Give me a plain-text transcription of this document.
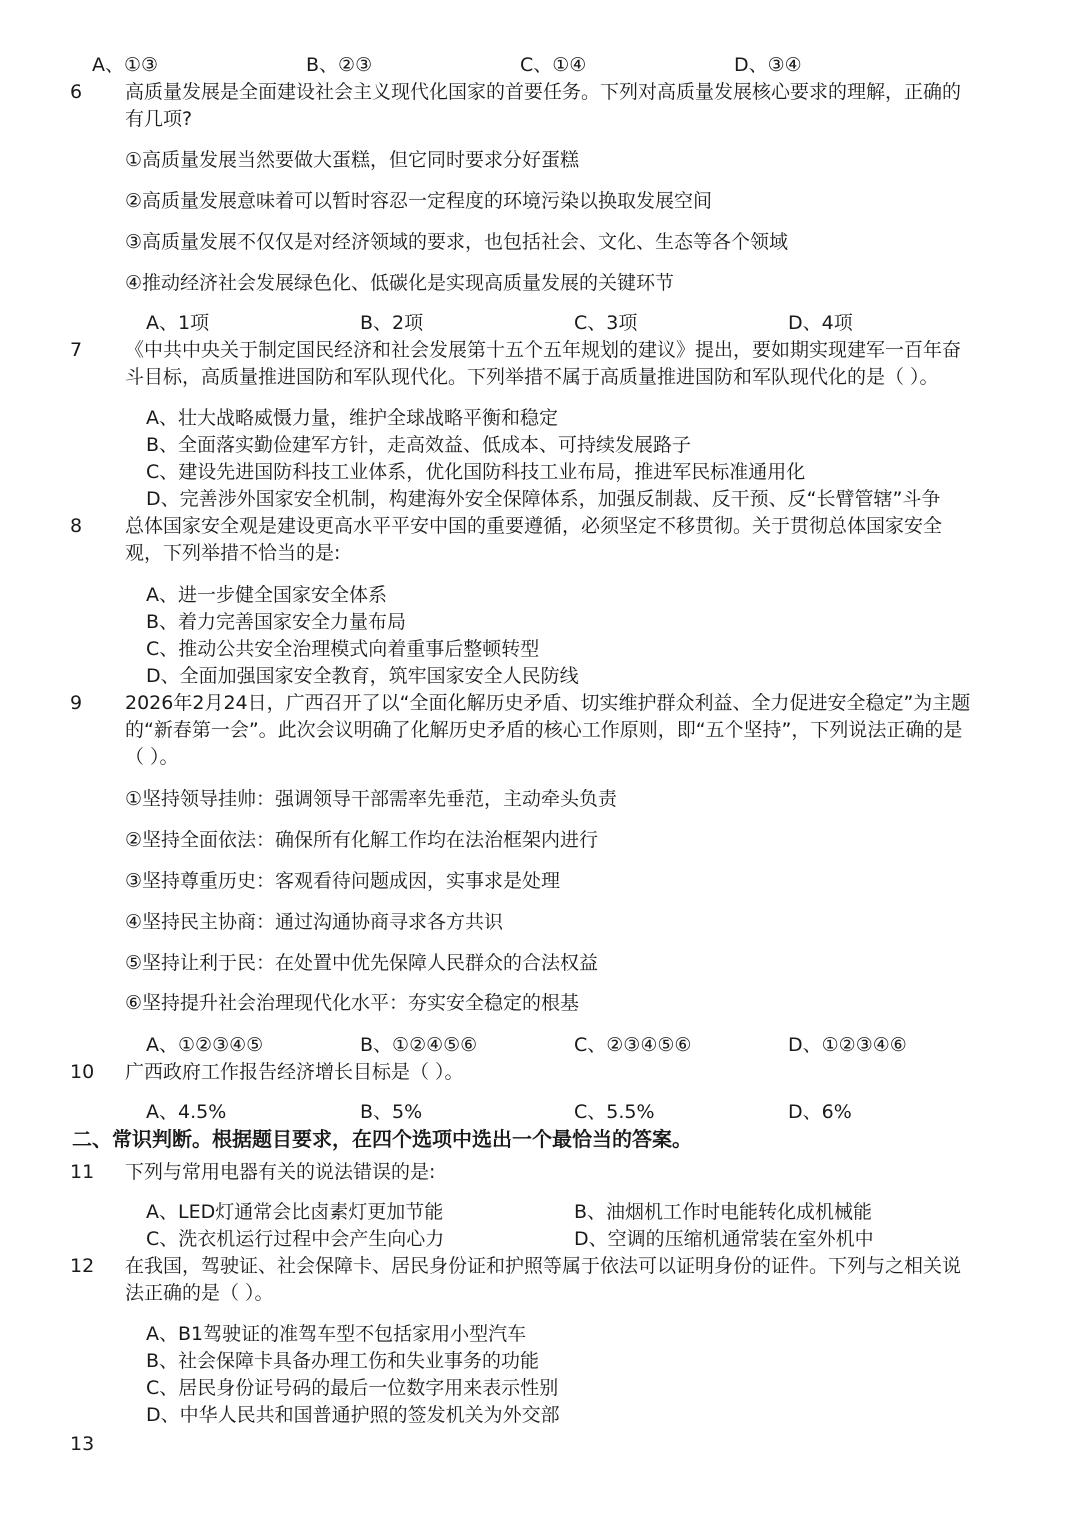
A、①③	B、②③	C、①④	D、③④
6 高质量发展是全面建设社会主义现代化国家的首要任务。下列对高质量发展核心要求的理解，正确的有几项?
①高质量发展当然要做大蛋糕，但它同时要求分好蛋糕
②高质量发展意味着可以暂时容忍一定程度的环境污染以换取发展空间
③高质量发展不仅仅是对经济领域的要求，也包括社会、文化、生态等各个领域
④推动经济社会发展绿色化、低碳化是实现高质量发展的关键环节
A、1项	B、2项	C、3项	D、4项
7 《中共中央关于制定国民经济和社会发展第十五个五年规划的建议》提出，要如期实现建军一百年奋斗目标，高质量推进国防和军队现代化。下列举措不属于高质量推进国防和军队现代化的是（ ）。
A、壮大战略威慑力量，维护全球战略平衡和稳定
B、全面落实勤俭建军方针，走高效益、低成本、可持续发展路子
C、建设先进国防科技工业体系，优化国防科技工业布局，推进军民标准通用化
D、完善涉外国家安全机制，构建海外安全保障体系，加强反制裁、反干预、反“长臂管辖”斗争
8 总体国家安全观是建设更高水平平安中国的重要遵循，必须坚定不移贯彻。关于贯彻总体国家安全观，下列举措不恰当的是:
A、进一步健全国家安全体系
B、着力完善国家安全力量布局
C、推动公共安全治理模式向着重事后整顿转型
D、全面加强国家安全教育，筑牢国家安全人民防线
9 2026年2月24日，广西召开了以“全面化解历史矛盾、切实维护群众利益、全力促进安全稳定”为主题的“新春第一会”。此次会议明确了化解历史矛盾的核心工作原则，即“五个坚持”，下列说法正确的是（ ）。
①坚持领导挂帅：强调领导干部需率先垂范，主动牵头负责
②坚持全面依法：确保所有化解工作均在法治框架内进行
③坚持尊重历史：客观看待问题成因，实事求是处理
④坚持民主协商：通过沟通协商寻求各方共识
⑤坚持让利于民：在处置中优先保障人民群众的合法权益
⑥坚持提升社会治理现代化水平：夯实安全稳定的根基
A、①②③④⑤	B、①②④⑤⑥	C、②③④⑤⑥	D、①②③④⑥
10 广西政府工作报告经济增长目标是（ ）。
A、4.5%	B、5%	C、5.5%	D、6%
二、常识判断。根据题目要求，在四个选项中选出一个最恰当的答案。
11 下列与常用电器有关的说法错误的是:
A、LED灯通常会比卤素灯更加节能	B、油烟机工作时电能转化成机械能
C、洗衣机运行过程中会产生向心力	D、空调的压缩机通常装在室外机中
12 在我国，驾驶证、社会保障卡、居民身份证和护照等属于依法可以证明身份的证件。下列与之相关说法正确的是（ ）。
A、B1驾驶证的准驾车型不包括家用小型汽车
B、社会保障卡具备办理工伤和失业事务的功能
C、居民身份证号码的最后一位数字用来表示性别
D、中华人民共和国普通护照的签发机关为外交部
13
